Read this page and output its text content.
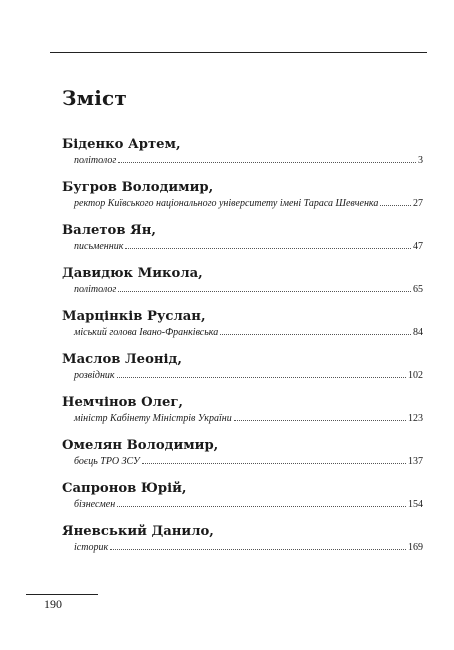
Зміст
Біденко Артем,
політолог	3
Бугров Володимир,
ректор Київського національного університету імені Тараса Шевченка	27
Валетов Ян,
письменник	47
Давидюк Микола,
політолог	65
Марцінків Руслан,
міський голова Івано-Франківська	84
Маслов Леонід,
розвідник	102
Немчінов Олег,
міністр Кабінету Міністрів України	123
Омелян Володимир,
боєць ТРО ЗСУ	137
Сапронов Юрій,
бізнесмен	154
Яневський Данило,
історик	169
190
